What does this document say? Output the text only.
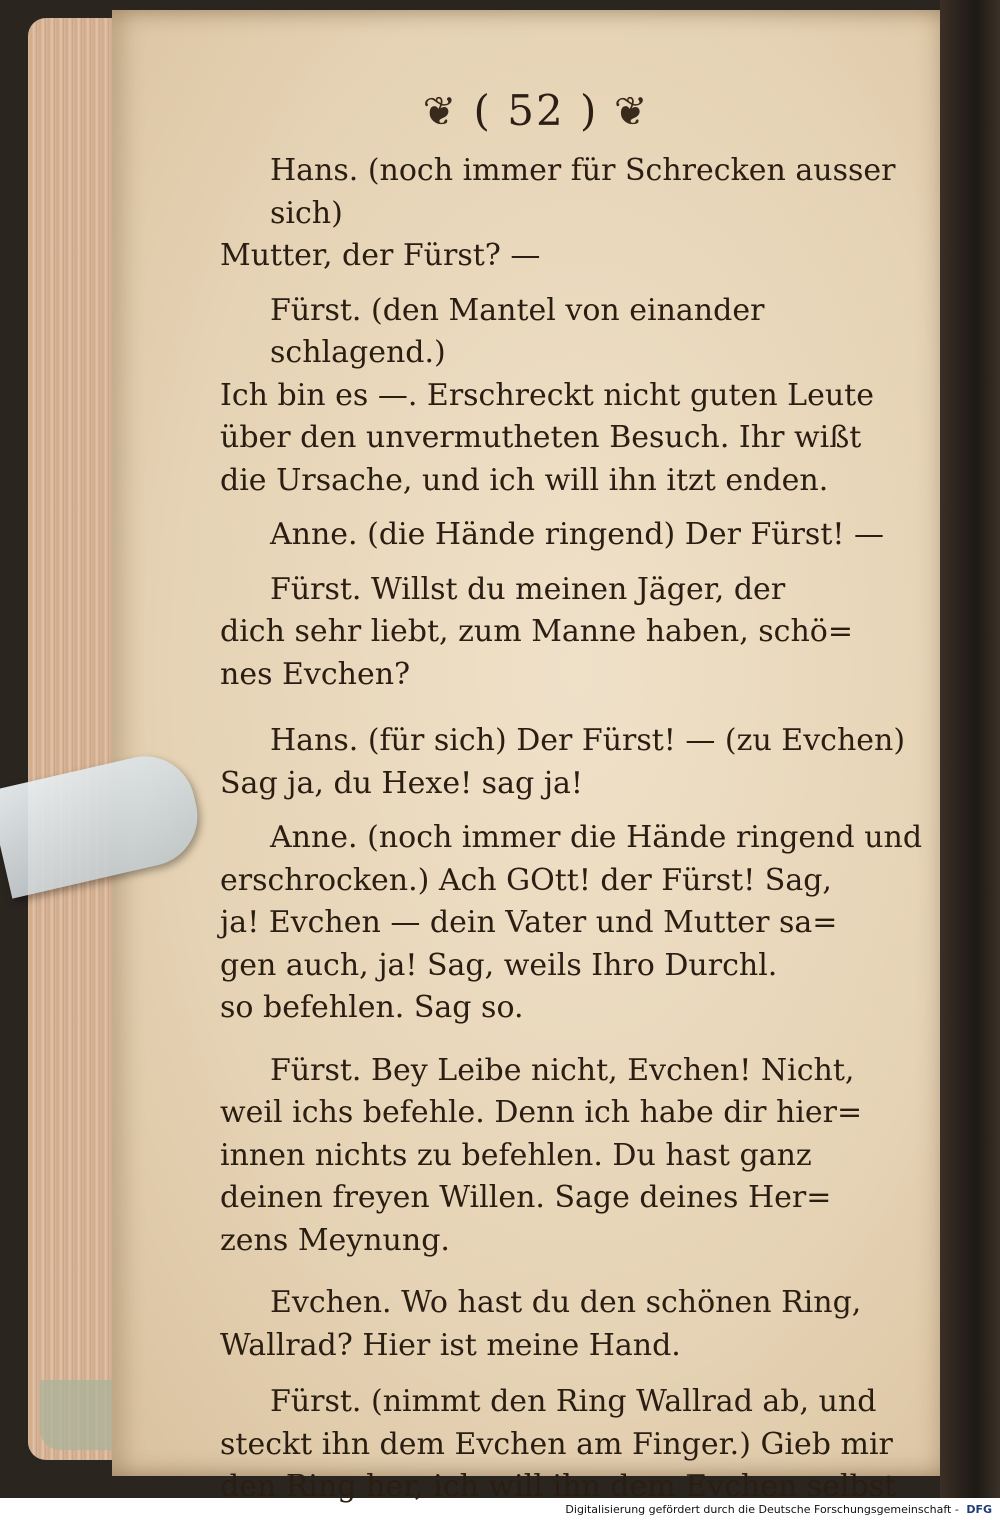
❦ ( 52 ) ❦
Hans. (noch immer für Schrecken ausser sich)
Mutter, der Fürst? —
Fürst. (den Mantel von einander schlagend.)
Ich bin es —. Erschreckt nicht guten Leute
über den unvermutheten Besuch. Ihr wißt
die Ursache, und ich will ihn itzt enden.
Anne. (die Hände ringend) Der Fürst! —
Fürst. Willst du meinen Jäger, der
dich sehr liebt, zum Manne haben, schö=
nes Evchen?
Hans. (für sich) Der Fürst! — (zu Evchen)
Sag ja, du Hexe! sag ja!
Anne. (noch immer die Hände ringend und
erschrocken.) Ach GOtt! der Fürst! Sag,
ja! Evchen — dein Vater und Mutter sa=
gen auch, ja! Sag, weils Ihro Durchl.
so befehlen. Sag so.
Fürst. Bey Leibe nicht, Evchen! Nicht,
weil ichs befehle. Denn ich habe dir hier=
innen nichts zu befehlen. Du hast ganz
deinen freyen Willen. Sage deines Her=
zens Meynung.
Evchen. Wo hast du den schönen Ring,
Wallrad? Hier ist meine Hand.
Fürst. (nimmt den Ring Wallrad ab, und
steckt ihn dem Evchen am Finger.) Gieb mir
den Ring her, ich will ihn dem Evchen selbst
Digitalisierung gefördert durch die Deutsche Forschungsgemeinschaft - DFG
